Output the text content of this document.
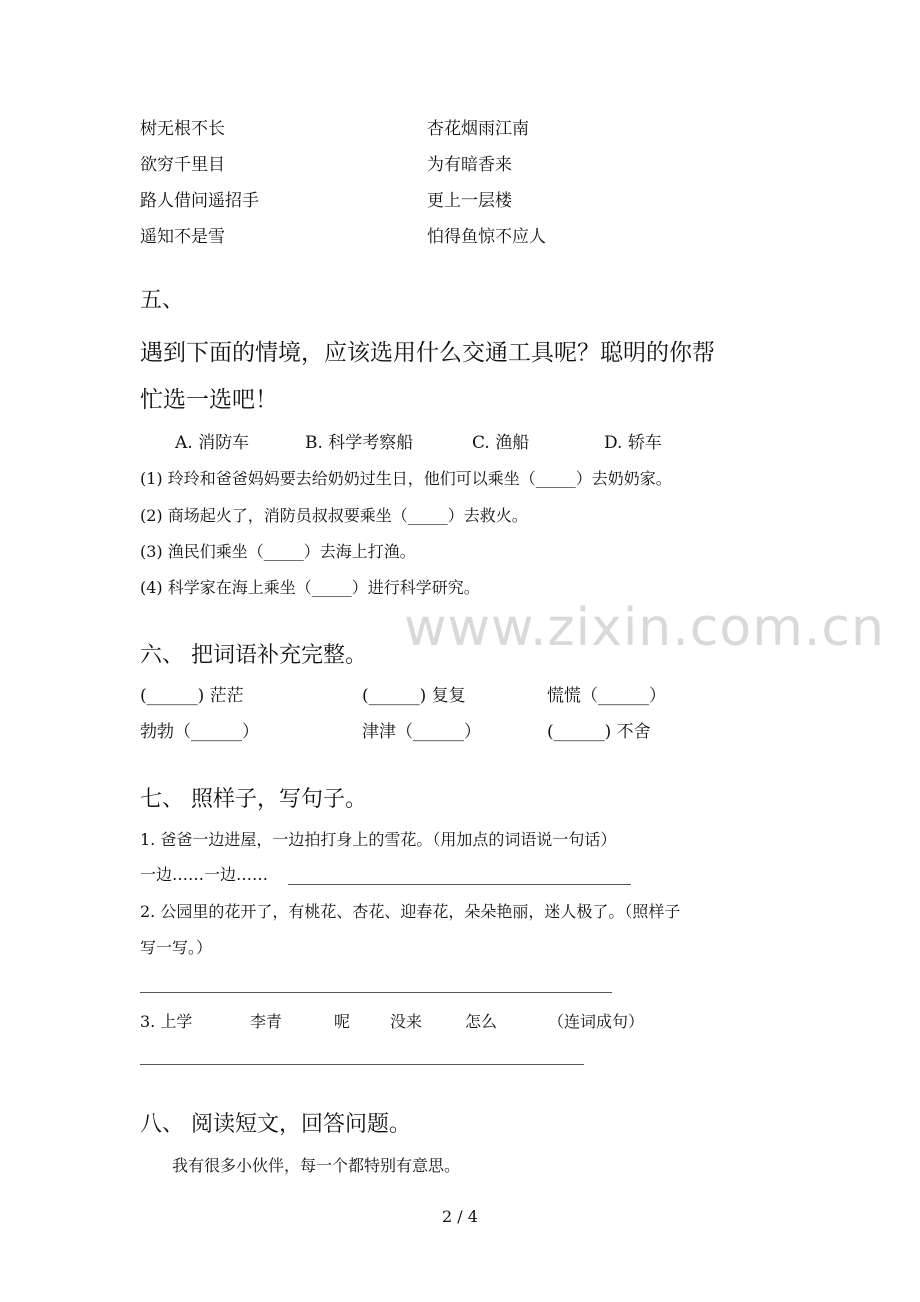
树无根不长	杏花烟雨江南
欲穷千里目	为有暗香来
路人借问遥招手	更上一层楼
遥知不是雪	怕得鱼惊不应人
五、
遇到下面的情境，应该选用什么交通工具呢？聪明的你帮
忙选一选吧！
A. 消防车	B. 科学考察船	C. 渔船	D. 轿车
(1) 玲玲和爸爸妈妈要去给奶奶过生日，他们可以乘坐（_____）去奶奶家。
(2) 商场起火了，消防员叔叔要乘坐（_____）去救火。
(3) 渔民们乘坐（_____）去海上打渔。
(4) 科学家在海上乘坐（_____）进行科学研究。
www.zixin.com.cn
六、 把词语补充完整。
(______) 茫茫	(______) 复复	慌慌（______）
勃勃（______）	津津（______）	(______) 不舍
七、 照样子，写句子。
1. 爸爸一边进屋，一边拍打身上的雪花。（用加点的词语说一句话）
一边……一边……
2. 公园里的花开了，有桃花、杏花、迎春花，朵朵艳丽，迷人极了。（照样子
写一写。）
3. 上学	李青	呢 没来	怎么	（连词成句）
八、 阅读短文，回答问题。
我有很多小伙伴，每一个都特别有意思。
2 / 4
